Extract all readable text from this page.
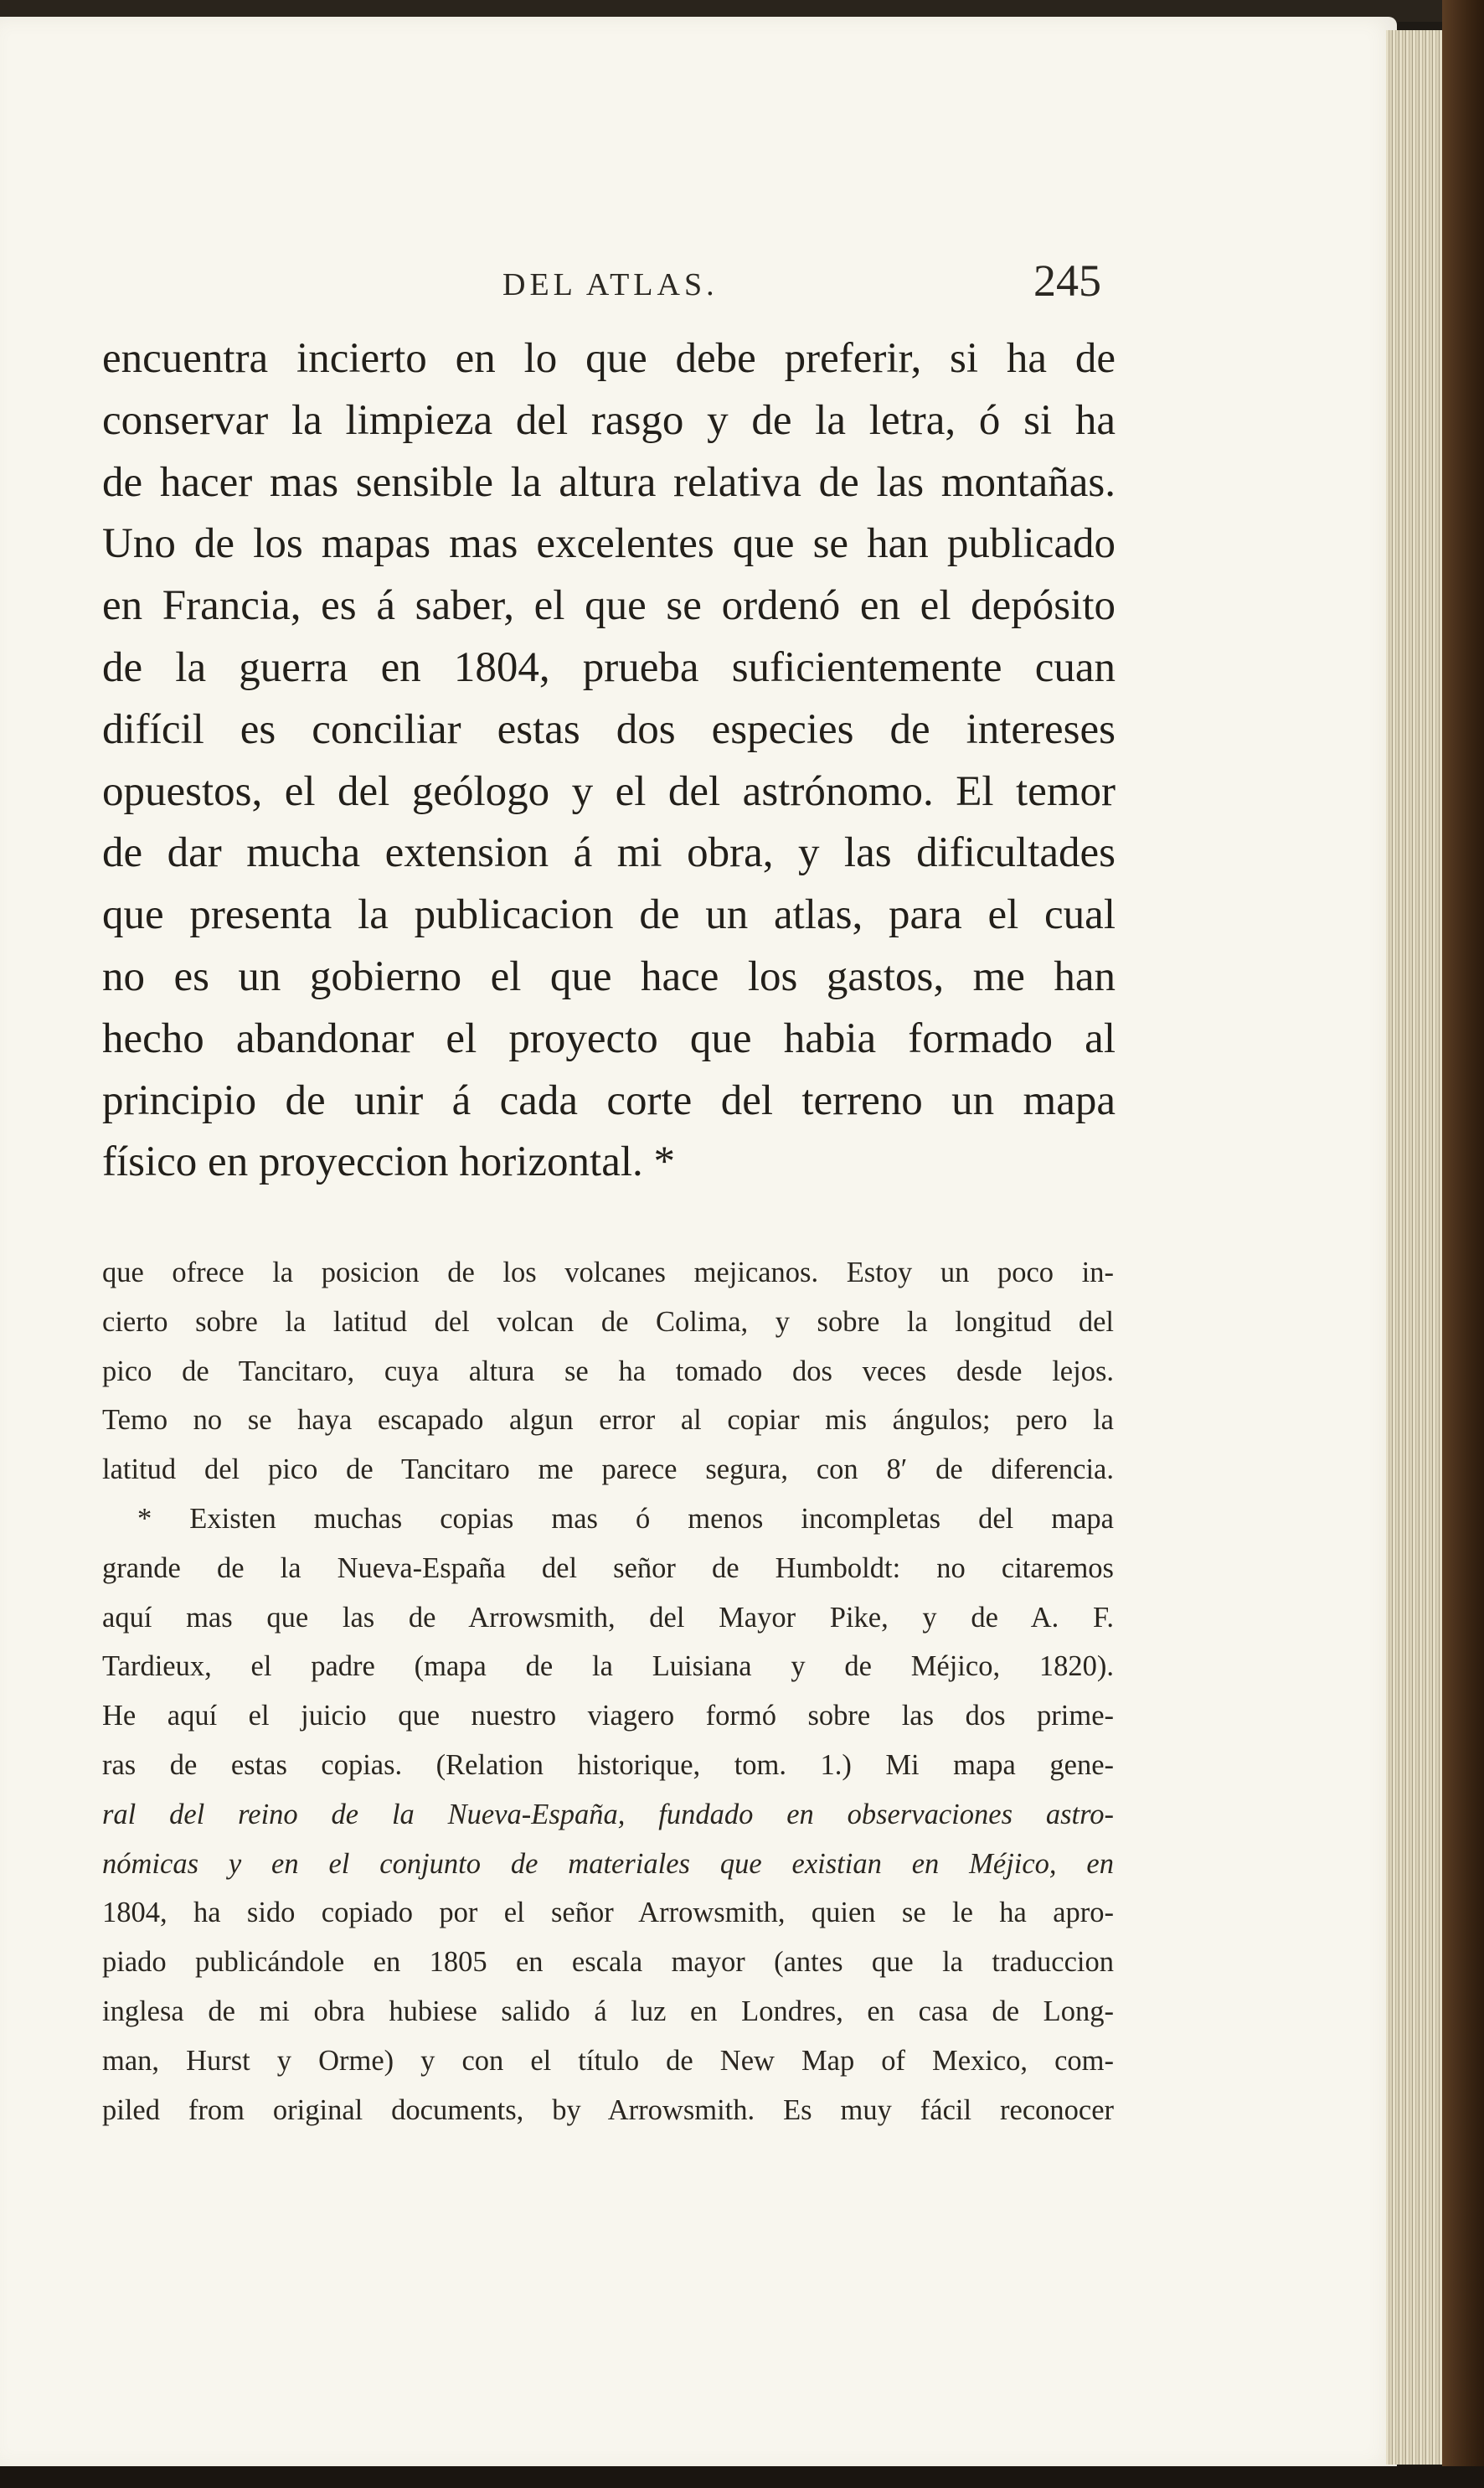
DEL ATLAS.	245
encuentra incierto en lo que debe preferir, si ha de
conservar la limpieza del rasgo y de la letra, ó si ha
de hacer mas sensible la altura relativa de las montañas.
Uno de los mapas mas excelentes que se han publicado
en Francia, es á saber, el que se ordenó en el depósito
de la guerra en 1804, prueba suficientemente cuan
difícil es conciliar estas dos especies de intereses
opuestos, el del geólogo y el del astrónomo. El temor
de dar mucha extension á mi obra, y las dificultades
que presenta la publicacion de un atlas, para el cual
no es un gobierno el que hace los gastos, me han
hecho abandonar el proyecto que habia formado al
principio de unir á cada corte del terreno un mapa
físico en proyeccion horizontal. *
que ofrece la posicion de los volcanes mejicanos. Estoy un poco in-
cierto sobre la latitud del volcan de Colima, y sobre la longitud del
pico de Tancitaro, cuya altura se ha tomado dos veces desde lejos.
Temo no se haya escapado algun error al copiar mis ángulos; pero la
latitud del pico de Tancitaro me parece segura, con 8′ de diferencia.
* Existen muchas copias mas ó menos incompletas del mapa
grande de la Nueva-España del señor de Humboldt: no citaremos
aquí mas que las de Arrowsmith, del Mayor Pike, y de A. F.
Tardieux, el padre (mapa de la Luisiana y de Méjico, 1820).
He aquí el juicio que nuestro viagero formó sobre las dos prime-
ras de estas copias. (Relation historique, tom. 1.) Mi mapa gene-
ral del reino de la Nueva-España, fundado en observaciones astro-
nómicas y en el conjunto de materiales que existian en Méjico, en
1804, ha sido copiado por el señor Arrowsmith, quien se le ha apro-
piado publicándole en 1805 en escala mayor (antes que la traduccion
inglesa de mi obra hubiese salido á luz en Londres, en casa de Long-
man, Hurst y Orme) y con el título de New Map of Mexico, com-
piled from original documents, by Arrowsmith. Es muy fácil reconocer
